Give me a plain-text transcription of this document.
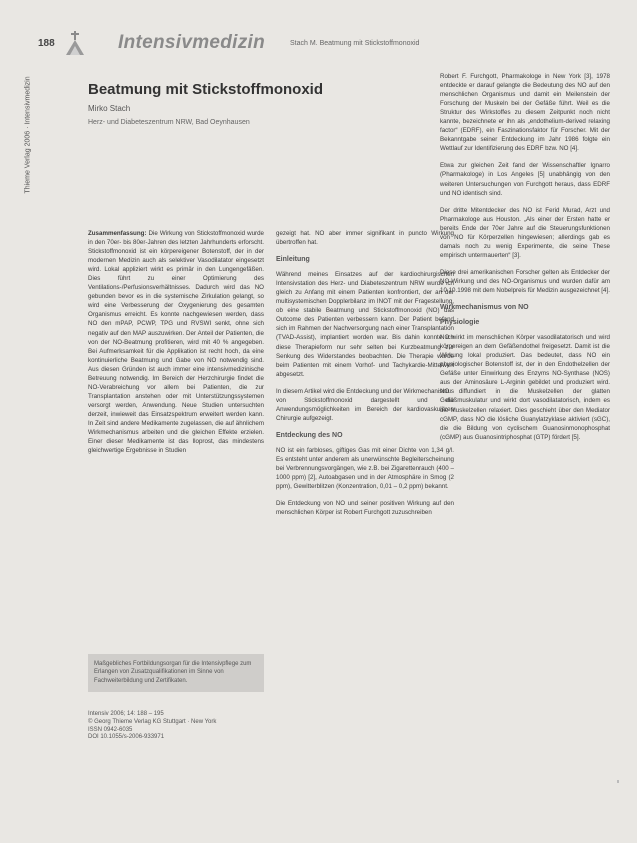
188	Intensivmedizin	Stach M. Beatmung mit Stickstoffmonoxid
Thieme Verlag 2006 · Intensivmedizin	Beatmung mit Stickstoffmonoxid
Mirko Stach
Herz- und Diabeteszentrum NRW, Bad Oeynhausen

Zusammenfassung: Die Wirkung von Stickstoffmonoxid wurde in den 70er- bis 80er-Jahren des letzten Jahrhunderts erforscht. Stickstoffmonoxid ist ein körpereigener Botenstoff, der in der modernen Medizin auch als selektiver Vasodilatator eingesetzt wird. Lokal appliziert wirkt es primär in den Lungengefäßen. Dies führt zu einer Optimierung des Ventilations-/Perfusionsverhältnisses. Dadurch wird das NO gebunden bevor es in die systemische Zirkulation gelangt, so wird eine Verbesserung der Oxygenierung des gesamten Organismus erreicht. Es konnte nachgewiesen werden, dass NO den mPAP, PCWP, TPG und RVSWI senkt, ohne sich negativ auf den MAP auszuwirken. Der Anteil der Patienten, die von der NO-Beatmung profitieren, wird mit 40 % angegeben. Bei Aufmerksamkeit für die Applikation ist recht hoch, da eine kontinuierliche Beatmung und Gabe von NO notwendig sind. Aus diesen Gründen ist auch immer eine intensivmedizinische Betreuung notwendig. Im Bereich der Herzchirurgie findet die NO-Verabreichung vor allem bei Patienten, die zur Transplantation anstehen oder mit Unterstützungssystemen versorgt werden, Anwendung. Neue Studien untersuchten derzeit, inwieweit das Einsatzspektrum erweitert werden kann. In Zeit sind andere Medikamente zugelassen, die auf ähnlichem Wirkmechanismus arbeiten und die gleichen Effekte erzielen. Einer dieser Medikamente ist das Iloprost, das mindestens gleichwertige Ergebnisse in Studien

Maßgebliches Fortbildungsorgan für die Intensivpflege zum Erlangen von Zusatzqualifikationen im Sinne von Fachweiterbildung und Zertifikaten.
Intensiv 2006; 14: 188 – 195
© Georg Thieme Verlag KG Stuttgart · New York
ISSN 0942-6035
DOI 10.1055/s-2006-933971

gezeigt hat. NO aber immer signifikant in puncto Wirkung übertroffen hat.

Einleitung

Während meines Einsatzes auf der kardiochirurgischen Intensivstation des Herz- und Diabeteszentrum NRW wurde ich gleich zu Anfang mit einem Patienten konfrontiert, der an der multisystemischen Dopplerbilanz im INOT mit der Fragestellung, ob eine stabile Beatmung und Stickstoffmonoxid (NO) das Outcome des Patienten verbessern kann. Der Patient befand sich im Rahmen der Nachversorgung nach einer Transplantation (TVAD-Assist), implantiert worden war. Bis dahin konnte ich diese Therapieform nur sehr selten bei Kurzbeatmung zur Senkung des Widerstandes beobachten. Die Therapie wurde beim Patienten mit einem Vorhof- und Tachykardie-Mittelwert abgesetzt.

In diesem Artikel wird die Entdeckung und der Wirkmechanismus von Stickstoffmonoxid dargestellt und die Anwendungsmöglichkeiten im Bereich der kardiovaskulären Chirurgie aufgezeigt.

Entdeckung des NO

NO ist ein farbloses, giftiges Gas mit einer Dichte von 1,34 g/l. Es entsteht unter anderem als unerwünschte Begleiterscheinung bei Verbrennungsvorgängen, wie z.B. bei Zigarettenrauch (400 – 1000 ppm) [2], Autoabgasen und in der Atmosphäre in Smog (2 ppm), Gewitterblitzen (Konzentration, 0,01 – 0,2 ppm) bekannt.

Die Entdeckung von NO und seiner positiven Wirkung auf den menschlichen Körper ist Robert Furchgott zuzuschreiben

Robert F. Furchgott, Pharmakologe in New York [3], 1978 entdeckte er darauf gelangte die Bedeutung des NO auf den menschlichen Organismus und damit ein Meilenstein der Forschung der Muskeln bei der Gefäße führt. Weil es die Struktur des Wirkstoffes zu diesem Zeitpunkt noch nicht kannte, bezeichnete er ihn als „endothelium-derived relaxing factor“ (EDRF), ein Faszinationsfaktor für Forscher. Mit der Bekanntgabe seiner Entdeckung im Jahr 1986 folgte ein Wettlauf zur Identifizierung des EDRF bzw. NO [4].

Etwa zur gleichen Zeit fand der Wissenschaftler Ignarro (Pharmakologe) in Los Angeles [5] unabhängig von den weiteren Untersuchungen von Furchgott heraus, dass EDRF und NO identisch sind.

Der dritte Mitentdecker des NO ist Ferid Murad, Arzt und Pharmakologe aus Houston. „Als einer der Ersten hatte er bereits Ende der 70er Jahre auf die Steuerungsfunktionen von NO für Körperzellen hingewiesen; allerdings gab es damals noch zu wenig Experimente, die seine These empirisch untermauerten“ [3].

Diese drei amerikanischen Forscher gelten als Entdecker der NO-Wirkung und des NO-Organismus und wurden dafür am 10.10.1998 mit dem Nobelpreis für Medizin ausgezeichnet [4].

Wirkmechanismus von NO
Physiologie

NO wirkt im menschlichen Körper vasodilatatorisch und wird körpereigen an dem Gefäßendothel freigesetzt. Damit ist die Wirkung lokal produziert. Das bedeutet, dass NO ein physiologischer Botenstoff ist, der in den Endothelzellen der Gefäße unter Einwirkung des Enzyms NO-Synthase (NOS) aus der Aminosäure L-Arginin gebildet und produziert wird. NO diffundiert in die Muskelzellen der glatten Gefäßmuskulatur und wirkt dort vasodilatatorisch, indem es die Muskelzellen relaxiert. Dies geschieht über den Mediator cGMP, dass NO die lösliche Guanylatzyklase aktiviert (sGC), die die Bildung von cyclischem Guanosinmonophosphat (cGMP) aus Guanosintriphosphat (GTP) fördert [5].
